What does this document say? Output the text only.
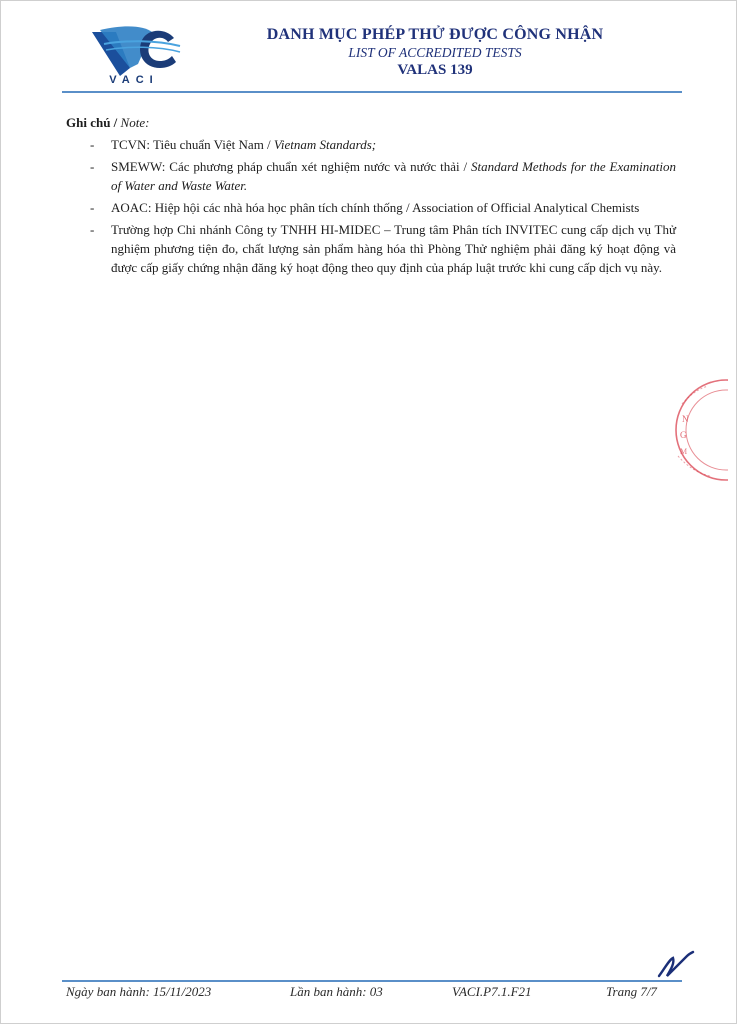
VACI
DANH MỤC PHÉP THỬ ĐƯỢC CÔNG NHẬN
LIST OF ACCREDITED TESTS
VALAS 139
Ghi chú / Note:
- TCVN: Tiêu chuẩn Việt Nam / Vietnam Standards;
- SMEWW: Các phương pháp chuẩn xét nghiệm nước và nước thải / Standard Methods for the Examination of Water and Waste Water.
- AOAC: Hiệp hội các nhà hóa học phân tích chính thống / Association of Official Analytical Chemists
- Trường hợp Chi nhánh Công ty TNHH HI-MIDEC – Trung tâm Phân tích INVITEC cung cấp dịch vụ Thử nghiệm phương tiện đo, chất lượng sản phẩm hàng hóa thì Phòng Thử nghiệm phải đăng ký hoạt động và được cấp giấy chứng nhận đăng ký hoạt động theo quy định của pháp luật trước khi cung cấp dịch vụ này.
N
G
M
Ngày ban hành: 15/11/2023	Lần ban hành: 03	VACI.P7.1.F21	Trang 7/7
